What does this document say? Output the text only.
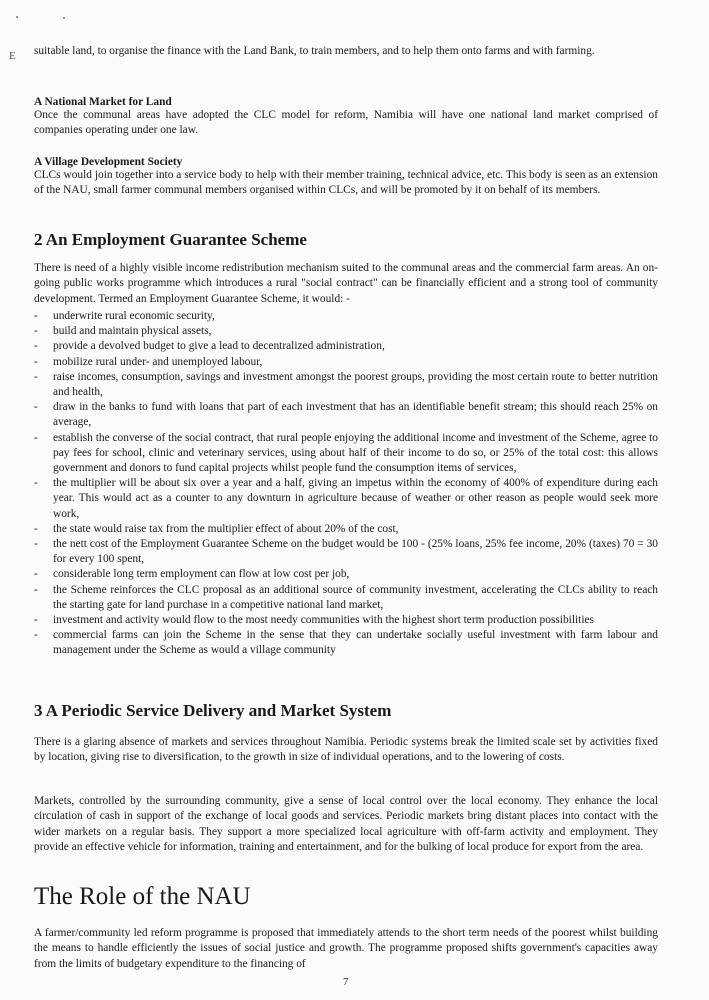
E suitable land, to organise the finance with the Land Bank, to train members, and to help them onto farms and with farming.

A National Market for Land

Once the communal areas have adopted the CLC model for reform, Namibia will have one national land market comprised of companies operating under one law.

A Village Development Society

CLCs would join together into a service body to help with their member training, technical advice, etc. This body is seen as an extension of the NAU, small farmer communal members organised within CLCs, and will be promoted by it on behalf of its members.

2 An Employment Guarantee Scheme

There is need of a highly visible income redistribution mechanism suited to the communal areas and the commercial farm areas. An on-going public works programme which introduces a rural "social contract" can be financially efficient and a strong tool of community development. Termed an Employment Guarantee Scheme, it would: -

- underwrite rural economic security,
- build and maintain physical assets,
- provide a devolved budget to give a lead to decentralized administration,
- mobilize rural under- and unemployed labour,
- raise incomes, consumption, savings and investment amongst the poorest groups, providing the most certain route to better nutrition and health,
- draw in the banks to fund with loans that part of each investment that has an identifiable benefit stream; this should reach 25% on average,
- establish the converse of the social contract, that rural people enjoying the additional income and investment of the Scheme, agree to pay fees for school, clinic and veterinary services, using about half of their income to do so, or 25% of the total cost: this allows government and donors to fund capital projects whilst people fund the consumption items of services,
- the multiplier will be about six over a year and a half, giving an impetus within the economy of 400% of expenditure during each year. This would act as a counter to any downturn in agriculture because of weather or other reason as people would seek more work,
- the state would raise tax from the multiplier effect of about 20% of the cost,
- the nett cost of the Employment Guarantee Scheme on the budget would be 100 - (25% loans, 25% fee income, 20% (taxes) 70 = 30 for every 100 spent,
- considerable long term employment can flow at low cost per job,
- the Scheme reinforces the CLC proposal as an additional source of community investment, accelerating the CLCs ability to reach the starting gate for land purchase in a competitive national land market,
- investment and activity would flow to the most needy communities with the highest short term production possibilities
- commercial farms can join the Scheme in the sense that they can undertake socially useful investment with farm labour and management under the Scheme as would a village community
3 A Periodic Service Delivery and Market System

There is a glaring absence of markets and services throughout Namibia. Periodic systems break the limited scale set by activities fixed by location, giving rise to diversification, to the growth in size of individual operations, and to the lowering of costs.

Markets, controlled by the surrounding community, give a sense of local control over the local economy. They enhance the local circulation of cash in support of the exchange of local goods and services. Periodic markets bring distant places into contact with the wider markets on a regular basis. They support a more specialized local agriculture with off-farm activity and employment. They provide an effective vehicle for information, training and entertainment, and for the bulking of local produce for export from the area.

The Role of the NAU

A farmer/community led reform programme is proposed that immediately attends to the short term needs of the poorest whilst building the means to handle efficiently the issues of social justice and growth. The programme proposed shifts government's capacities away from the limits of budgetary expenditure to the financing of

7
